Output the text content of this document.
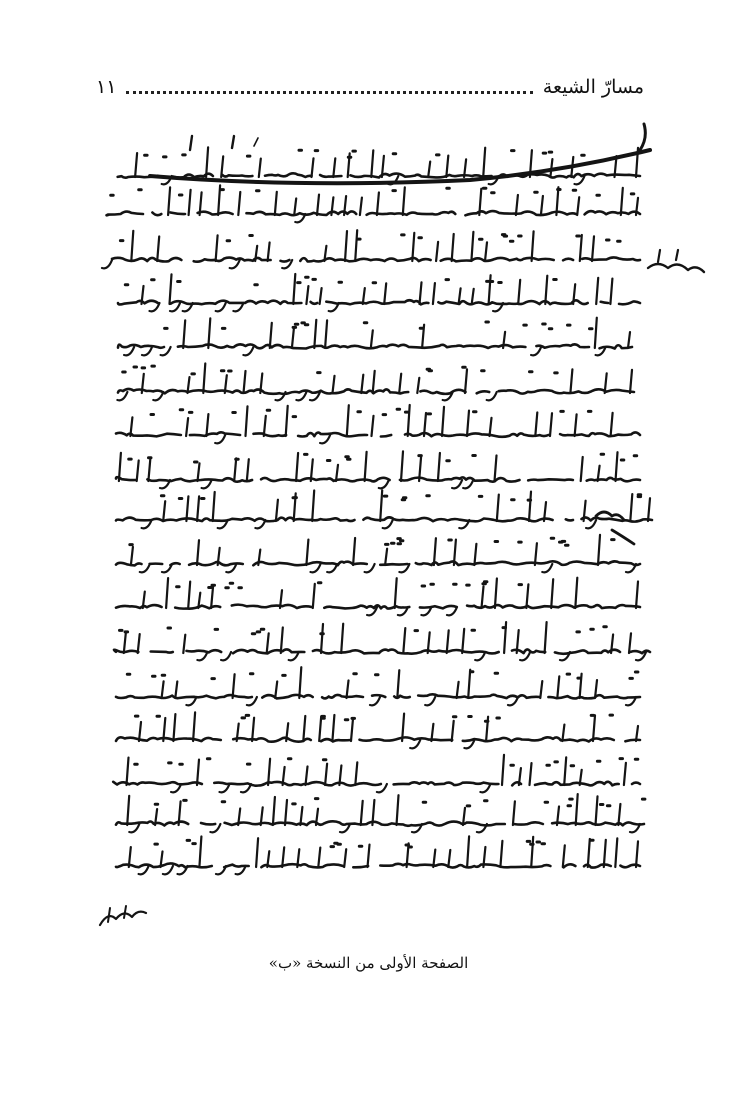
مسارّ الشيعة
١١
الصفحة الأولى من النسخة «ب»
